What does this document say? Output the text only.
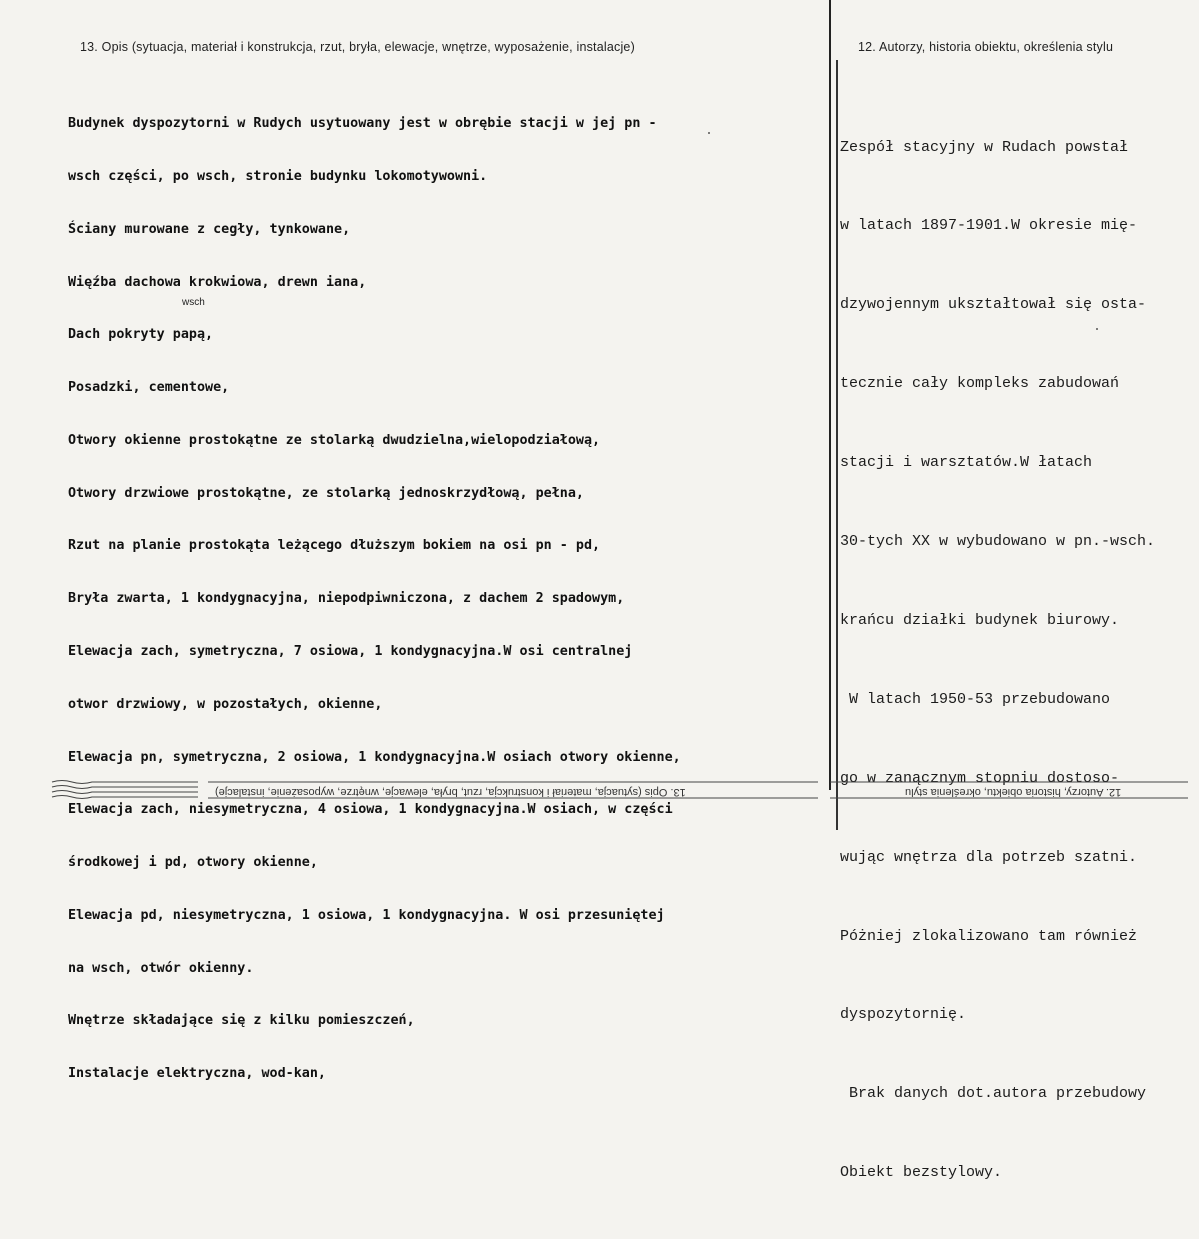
13. Opis (sytuacja, materiał i konstrukcja, rzut, bryła, elewacje, wnętrze, wyposażenie, instalacje)	12. Autorzy, historia obiektu, określenia stylu

Budynek dyspozytorni w Rudych usytuowany jest w obrębie stacji w jej pn -

wsch części, po wsch, stronie budynku lokomotywowni.

Ściany murowane z cegły, tynkowane,

Więźba dachowa krokwiowa, drewn iana,

Dach pokryty papą,

Posadzki, cementowe,

Otwory okienne prostokątne ze stolarką dwudzielna,wielopodziałową,

Otwory drzwiowe prostokątne, ze stolarką jednoskrzydłową, pełna,

Rzut na planie prostokąta leżącego dłuższym bokiem na osi pn - pd,

Bryła zwarta, 1 kondygnacyjna, niepodpiwniczona, z dachem 2 spadowym,

Elewacja zach, symetryczna, 7 osiowa, 1 kondygnacyjna.W osi centralnej

otwor drzwiowy, w pozostałych, okienne,

Elewacja pn, symetryczna, 2 osiowa, 1 kondygnacyjna.W osiach otwory okienne,

Elewacja zach, niesymetryczna, 4 osiowa, 1 kondygnacyjna.W osiach, w części

środkowej i pd, otwory okienne,

Elewacja pd, niesymetryczna, 1 osiowa, 1 kondygnacyjna. W osi przesuniętej

na wsch, otwór okienny.

Wnętrze składające się z kilku pomieszczeń,

Instalacje elektryczna, wod-kan,

wsch

Zespół stacyjny w Rudach powstał

w latach 1897-1901.W okresie mię-

dzywojennym ukształtował się osta-

tecznie cały kompleks zabudowań

stacji i warsztatów.W łatach

30-tych XX w wybudowano w pn.-wsch.

krańcu działki budynek biurowy.

W latach 1950-53 przebudowano

go w zanącznym stopniu dostoso-

wując wnętrza dla potrzeb szatni.

Póżniej zlokalizowano tam również

dyspozytornię.

Brak danych dot.autora przebudowy

Obiekt bezstylowy.

13. Opis (sytuacja, materiał i konstrukcja, rzut, bryła, elewacje, wnętrze, wyposażenie, instalacje)	12. Autorzy, historia obiektu, określenia stylu
